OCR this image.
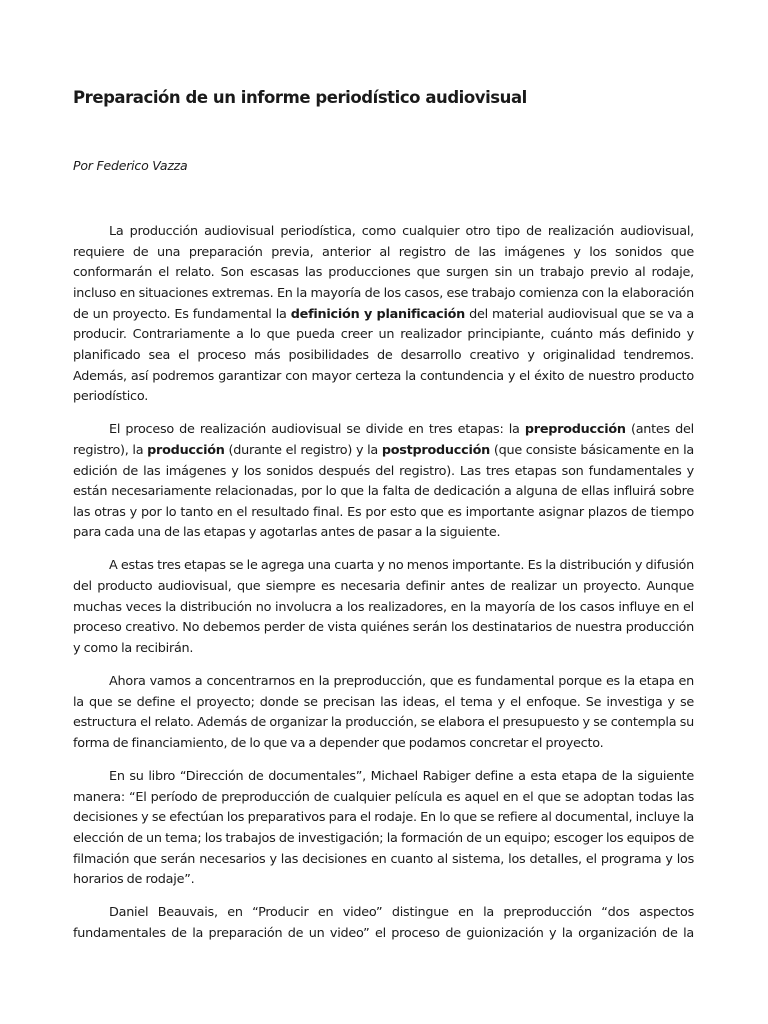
Preparación de un informe periodístico audiovisual

Por Federico Vazza

La producción audiovisual periodística, como cualquier otro tipo de realización audiovisual, requiere de una preparación previa, anterior al registro de las imágenes y los sonidos que conformarán el relato. Son escasas las producciones que surgen sin un trabajo previo al rodaje, incluso en situaciones extremas. En la mayoría de los casos, ese trabajo comienza con la elaboración de un proyecto. Es fundamental la definición y planificación del material audiovisual que se va a producir. Contrariamente a lo que pueda creer un realizador principiante, cuánto más definido y planificado sea el proceso más posibilidades de desarrollo creativo y originalidad tendremos. Además, así podremos garantizar con mayor certeza la contundencia y el éxito de nuestro producto periodístico.

El proceso de realización audiovisual se divide en tres etapas: la preproducción (antes del registro), la producción (durante el registro) y la postproducción (que consiste básicamente en la edición de las imágenes y los sonidos después del registro). Las tres etapas son fundamentales y están necesariamente relacionadas, por lo que la falta de dedicación a alguna de ellas influirá sobre las otras y por lo tanto en el resultado final. Es por esto que es importante asignar plazos de tiempo para cada una de las etapas y agotarlas antes de pasar a la siguiente.

A estas tres etapas se le agrega una cuarta y no menos importante. Es la distribución y difusión del producto audiovisual, que siempre es necesaria definir antes de realizar un proyecto. Aunque muchas veces la distribución no involucra a los realizadores, en la mayoría de los casos influye en el proceso creativo. No debemos perder de vista quiénes serán los destinatarios de nuestra producción y como la recibirán.

Ahora vamos a concentrarnos en la preproducción, que es fundamental porque es la etapa en la que se define el proyecto; donde se precisan las ideas, el tema y el enfoque. Se investiga y se estructura el relato. Además de organizar la producción, se elabora el presupuesto y se contempla su forma de financiamiento, de lo que va a depender que podamos concretar el proyecto.

En su libro “Dirección de documentales”, Michael Rabiger define a esta etapa de la siguiente manera: “El período de preproducción de cualquier película es aquel en el que se adoptan todas las decisiones y se efectúan los preparativos para el rodaje. En lo que se refiere al documental, incluye la elección de un tema; los trabajos de investigación; la formación de un equipo; escoger los equipos de filmación que serán necesarios y las decisiones en cuanto al sistema, los detalles, el programa y los horarios de rodaje”.

Daniel Beauvais, en “Producir en video” distingue en la preproducción “dos aspectos fundamentales de la preparación de un video” el proceso de guionización y la organización de la
